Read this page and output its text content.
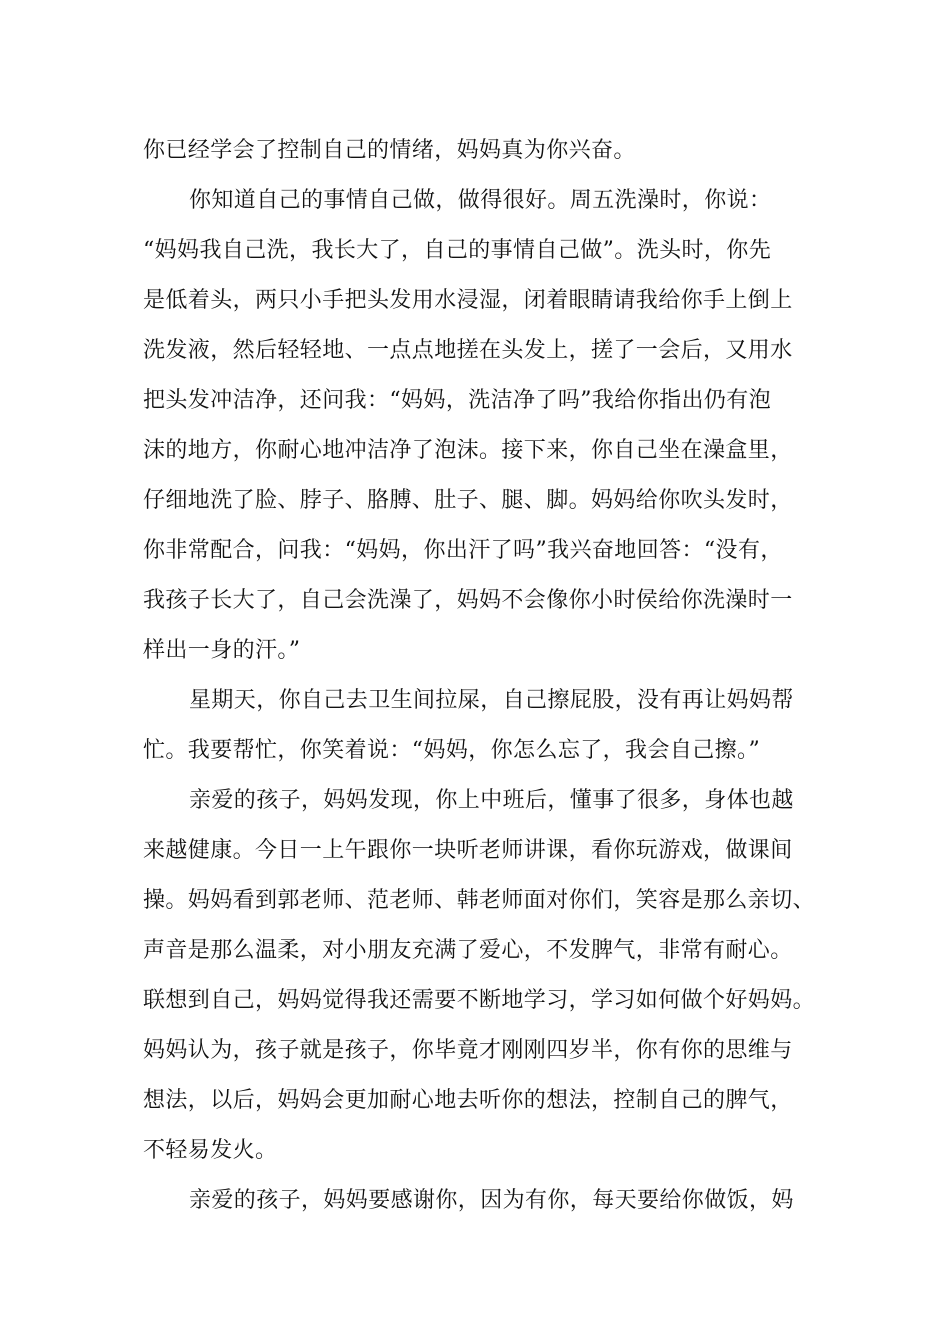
你已经学会了控制自己的情绪，妈妈真为你兴奋。
你知道自己的事情自己做，做得很好。周五洗澡时，你说：
“妈妈我自己洗，我长大了，自己的事情自己做”。洗头时，你先
是低着头，两只小手把头发用水浸湿，闭着眼睛请我给你手上倒上
洗发液，然后轻轻地、一点点地搓在头发上，搓了一会后，又用水
把头发冲洁净，还问我：“妈妈，洗洁净了吗”我给你指出仍有泡
沫的地方，你耐心地冲洁净了泡沫。接下来，你自己坐在澡盒里，
仔细地洗了脸、脖子、胳膊、肚子、腿、脚。妈妈给你吹头发时，
你非常配合，问我：“妈妈，你出汗了吗”我兴奋地回答：“没有，
我孩子长大了，自己会洗澡了，妈妈不会像你小时侯给你洗澡时一
样出一身的汗。”
星期天，你自己去卫生间拉屎，自己擦屁股，没有再让妈妈帮
忙。我要帮忙，你笑着说：“妈妈，你怎么忘了，我会自己擦。”
亲爱的孩子，妈妈发现，你上中班后，懂事了很多，身体也越
来越健康。今日一上午跟你一块听老师讲课，看你玩游戏，做课间
操。妈妈看到郭老师、范老师、韩老师面对你们，笑容是那么亲切、
声音是那么温柔，对小朋友充满了爱心，不发脾气，非常有耐心。
联想到自己，妈妈觉得我还需要不断地学习，学习如何做个好妈妈。
妈妈认为，孩子就是孩子，你毕竟才刚刚四岁半，你有你的思维与
想法，以后，妈妈会更加耐心地去听你的想法，控制自己的脾气，
不轻易发火。
亲爱的孩子，妈妈要感谢你，因为有你，每天要给你做饭，妈
